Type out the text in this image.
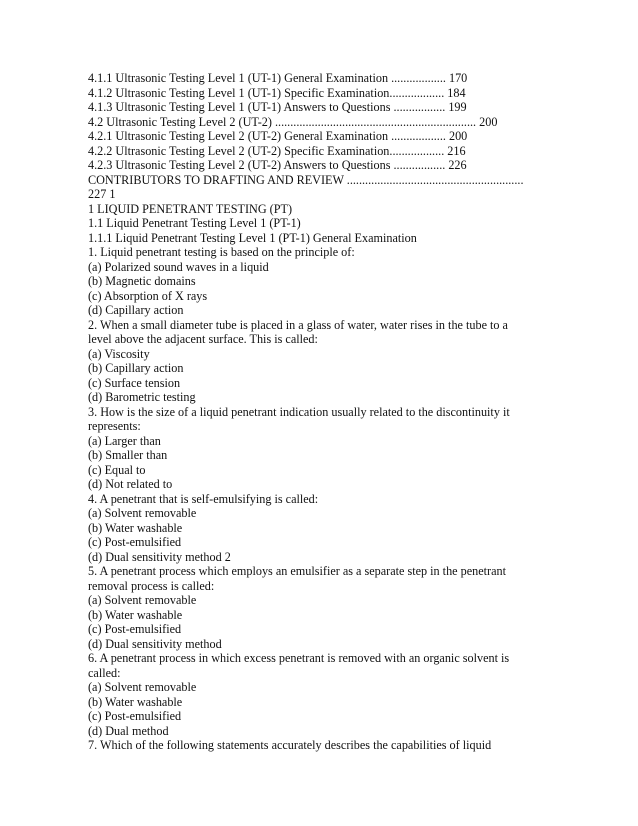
4.1.1 Ultrasonic Testing Level 1 (UT-1) General Examination .................. 170
4.1.2 Ultrasonic Testing Level 1 (UT-1) Specific Examination.................. 184
4.1.3 Ultrasonic Testing Level 1 (UT-1) Answers to Questions ................. 199
4.2 Ultrasonic Testing Level 2 (UT-2) .................................................................. 200
4.2.1 Ultrasonic Testing Level 2 (UT-2) General Examination .................. 200
4.2.2 Ultrasonic Testing Level 2 (UT-2) Specific Examination.................. 216
4.2.3 Ultrasonic Testing Level 2 (UT-2) Answers to Questions ................. 226
CONTRIBUTORS TO DRAFTING AND REVIEW ..........................................................
227 1
1 LIQUID PENETRANT TESTING (PT)
1.1 Liquid Penetrant Testing Level 1 (PT-1)
1.1.1 Liquid Penetrant Testing Level 1 (PT-1) General Examination
1. Liquid penetrant testing is based on the principle of:
(a) Polarized sound waves in a liquid
(b) Magnetic domains
(c) Absorption of X rays
(d) Capillary action
2. When a small diameter tube is placed in a glass of water, water rises in the tube to a
level above the adjacent surface. This is called:
(a) Viscosity
(b) Capillary action
(c) Surface tension
(d) Barometric testing
3. How is the size of a liquid penetrant indication usually related to the discontinuity it
represents:
(a) Larger than
(b) Smaller than
(c) Equal to
(d) Not related to
4. A penetrant that is self-emulsifying is called:
(a) Solvent removable
(b) Water washable
(c) Post-emulsified
(d) Dual sensitivity method 2
5. A penetrant process which employs an emulsifier as a separate step in the penetrant
removal process is called:
(a) Solvent removable
(b) Water washable
(c) Post-emulsified
(d) Dual sensitivity method
6. A penetrant process in which excess penetrant is removed with an organic solvent is
called:
(a) Solvent removable
(b) Water washable
(c) Post-emulsified
(d) Dual method
7. Which of the following statements accurately describes the capabilities of liquid
